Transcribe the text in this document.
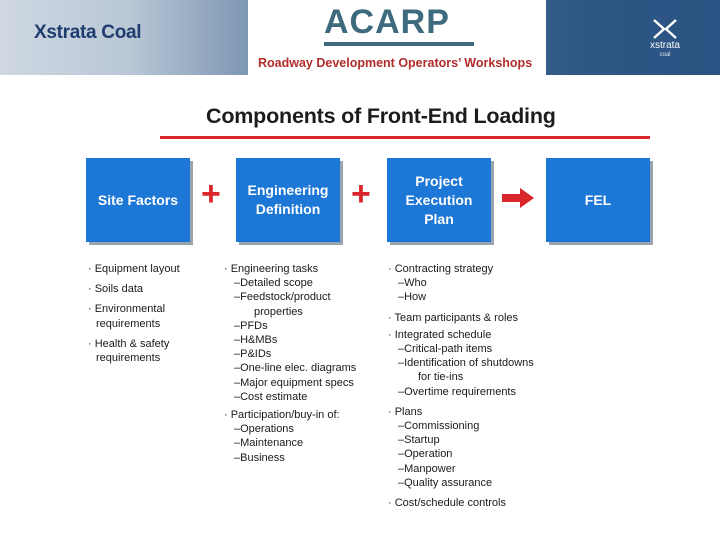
Xstrata Coal	ACARP
Roadway Development Operators’ Workshops
xstrata
coal
Components of Front-End Loading
Site Factors +	Engineering Definition +	Project Execution Plan
FEL
· Equipment layout
· Soils data
· Environmental
requirements
· Health & safety
requirements
· Engineering tasks
–Detailed scope
–Feedstock/product
properties
–PFDs
–H&MBs
–P&IDs
–One-line elec. diagrams
–Major equipment specs
–Cost estimate
· Participation/buy-in of:
–Operations
–Maintenance
–Business
· Contracting strategy
–Who
–How
· Team participants & roles
· Integrated schedule
–Critical-path items
–Identification of shutdowns
for tie-ins
–Overtime requirements
· Plans
–Commissioning
–Startup
–Operation
–Manpower
–Quality assurance
· Cost/schedule controls
